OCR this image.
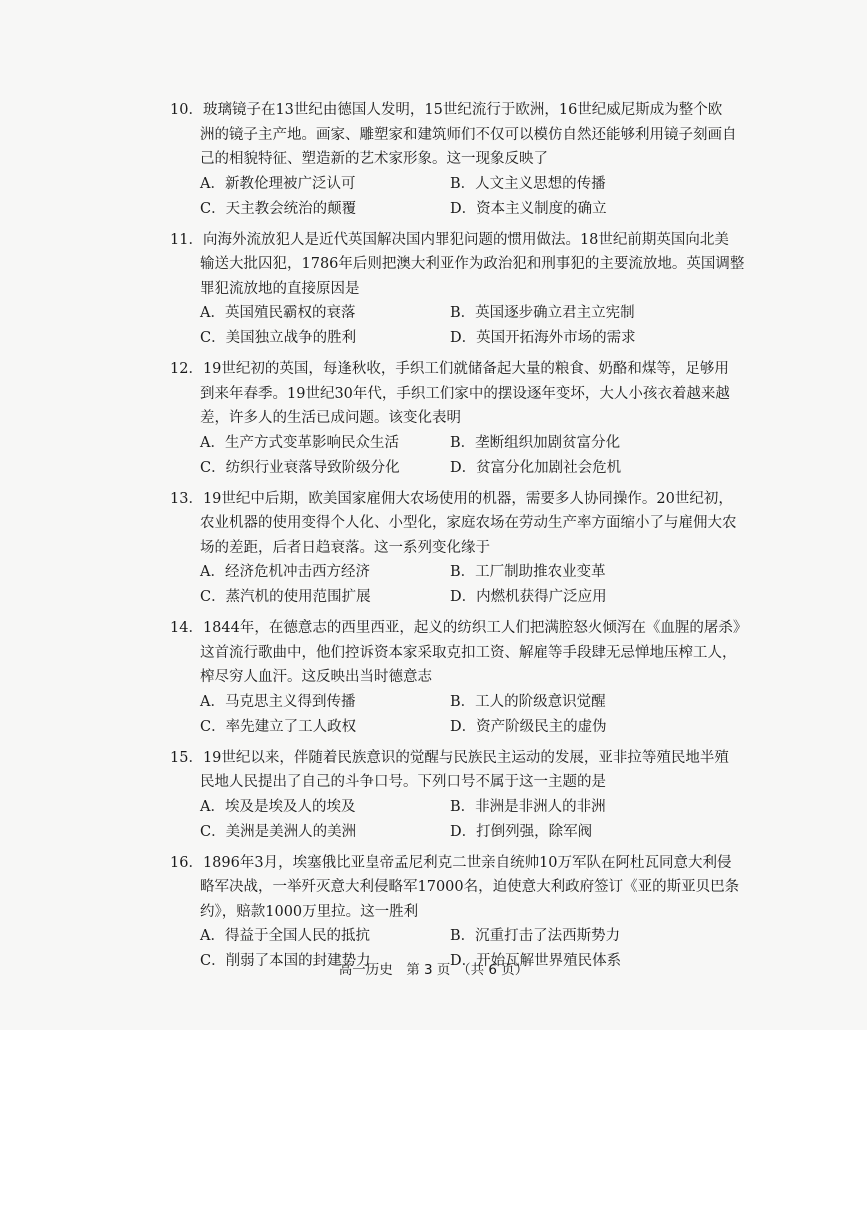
10．玻璃镜子在13世纪由德国人发明，15世纪流行于欧洲，16世纪威尼斯成为整个欧
洲的镜子主产地。画家、雕塑家和建筑师们不仅可以模仿自然还能够利用镜子刻画自
己的相貌特征、塑造新的艺术家形象。这一现象反映了
A．新教伦理被广泛认可	B．人文主义思想的传播
C．天主教会统治的颠覆	D．资本主义制度的确立
11．向海外流放犯人是近代英国解决国内罪犯问题的惯用做法。18世纪前期英国向北美
输送大批囚犯，1786年后则把澳大利亚作为政治犯和刑事犯的主要流放地。英国调整
罪犯流放地的直接原因是
A．英国殖民霸权的衰落	B．英国逐步确立君主立宪制
C．美国独立战争的胜利	D．英国开拓海外市场的需求
12．19世纪初的英国，每逢秋收，手织工们就储备起大量的粮食、奶酪和煤等，足够用
到来年春季。19世纪30年代，手织工们家中的摆设逐年变坏，大人小孩衣着越来越
差，许多人的生活已成问题。该变化表明
A．生产方式变革影响民众生活	B．垄断组织加剧贫富分化
C．纺织行业衰落导致阶级分化	D．贫富分化加剧社会危机
13．19世纪中后期，欧美国家雇佣大农场使用的机器，需要多人协同操作。20世纪初，
农业机器的使用变得个人化、小型化，家庭农场在劳动生产率方面缩小了与雇佣大农
场的差距，后者日趋衰落。这一系列变化缘于
A．经济危机冲击西方经济	B．工厂制助推农业变革
C．蒸汽机的使用范围扩展	D．内燃机获得广泛应用
14．1844年，在德意志的西里西亚，起义的纺织工人们把满腔怒火倾泻在《血腥的屠杀》
这首流行歌曲中，他们控诉资本家采取克扣工资、解雇等手段肆无忌惮地压榨工人，
榨尽穷人血汗。这反映出当时德意志
A．马克思主义得到传播	B．工人的阶级意识觉醒
C．率先建立了工人政权	D．资产阶级民主的虚伪
15．19世纪以来，伴随着民族意识的觉醒与民族民主运动的发展，亚非拉等殖民地半殖
民地人民提出了自己的斗争口号。下列口号不属于这一主题的是
A．埃及是埃及人的埃及	B．非洲是非洲人的非洲
C．美洲是美洲人的美洲	D．打倒列强，除军阀
16．1896年3月，埃塞俄比亚皇帝孟尼利克二世亲自统帅10万军队在阿杜瓦同意大利侵
略军决战，一举歼灭意大利侵略军17000名，迫使意大利政府签订《亚的斯亚贝巴条
约》，赔款1000万里拉。这一胜利
A．得益于全国人民的抵抗	B．沉重打击了法西斯势力
C．削弱了本国的封建势力	D．开始瓦解世界殖民体系
高一历史　第 3 页　（共 6 页）
